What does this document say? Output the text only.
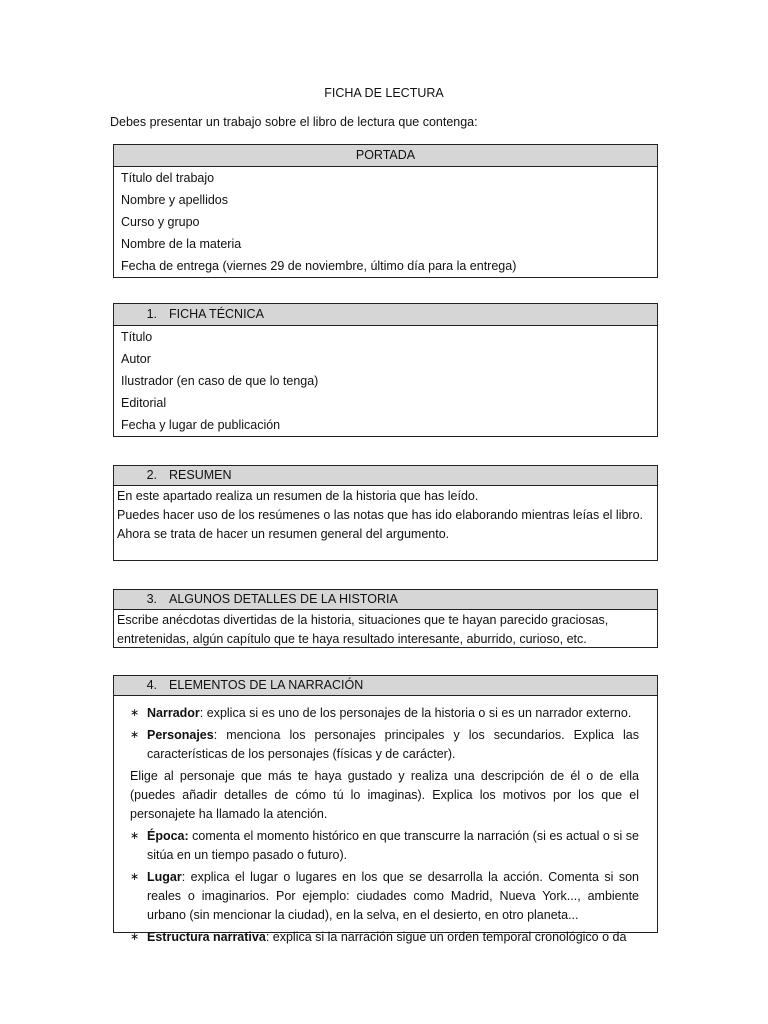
FICHA DE LECTURA
Debes presentar un trabajo sobre el libro de lectura que contenga:
PORTADA
Título del trabajo
Nombre y apellidos
Curso y grupo
Nombre de la materia
Fecha de entrega (viernes 29 de noviembre, último día para la entrega)
1. FICHA TÉCNICA
Título
Autor
Ilustrador (en caso de que lo tenga)
Editorial
Fecha y lugar de publicación
2. RESUMEN

En este apartado realiza un resumen de la historia que has leído.

Puedes hacer uso de los resúmenes o las notas que has ido elaborando mientras leías el libro.

Ahora se trata de hacer un resumen general del argumento.

3. ALGUNOS DETALLES DE LA HISTORIA
Escribe anécdotas divertidas de la historia, situaciones que te hayan parecido graciosas, entretenidas, algún capítulo que te haya resultado interesante, aburrido, curioso, etc.
4. ELEMENTOS DE LA NARRACIÓN
∗ Narrador: explica si es uno de los personajes de la historia o si es un narrador externo.
∗ Personajes: menciona los personajes principales y los secundarios. Explica las características de los personajes (físicas y de carácter).

Elige al personaje que más te haya gustado y realiza una descripción de él o de ella (puedes añadir detalles de cómo tú lo imaginas). Explica los motivos por los que el personajete ha llamado la atención.

∗ Época: comenta el momento histórico en que transcurre la narración (si es actual o si se sitúa en un tiempo pasado o futuro).
∗ Lugar: explica el lugar o lugares en los que se desarrolla la acción. Comenta si son reales o imaginarios. Por ejemplo: ciudades como Madrid, Nueva York..., ambiente urbano (sin mencionar la ciudad), en la selva, en el desierto, en otro planeta...
∗ Estructura narrativa: explica si la narración sigue un orden temporal cronológico o da
